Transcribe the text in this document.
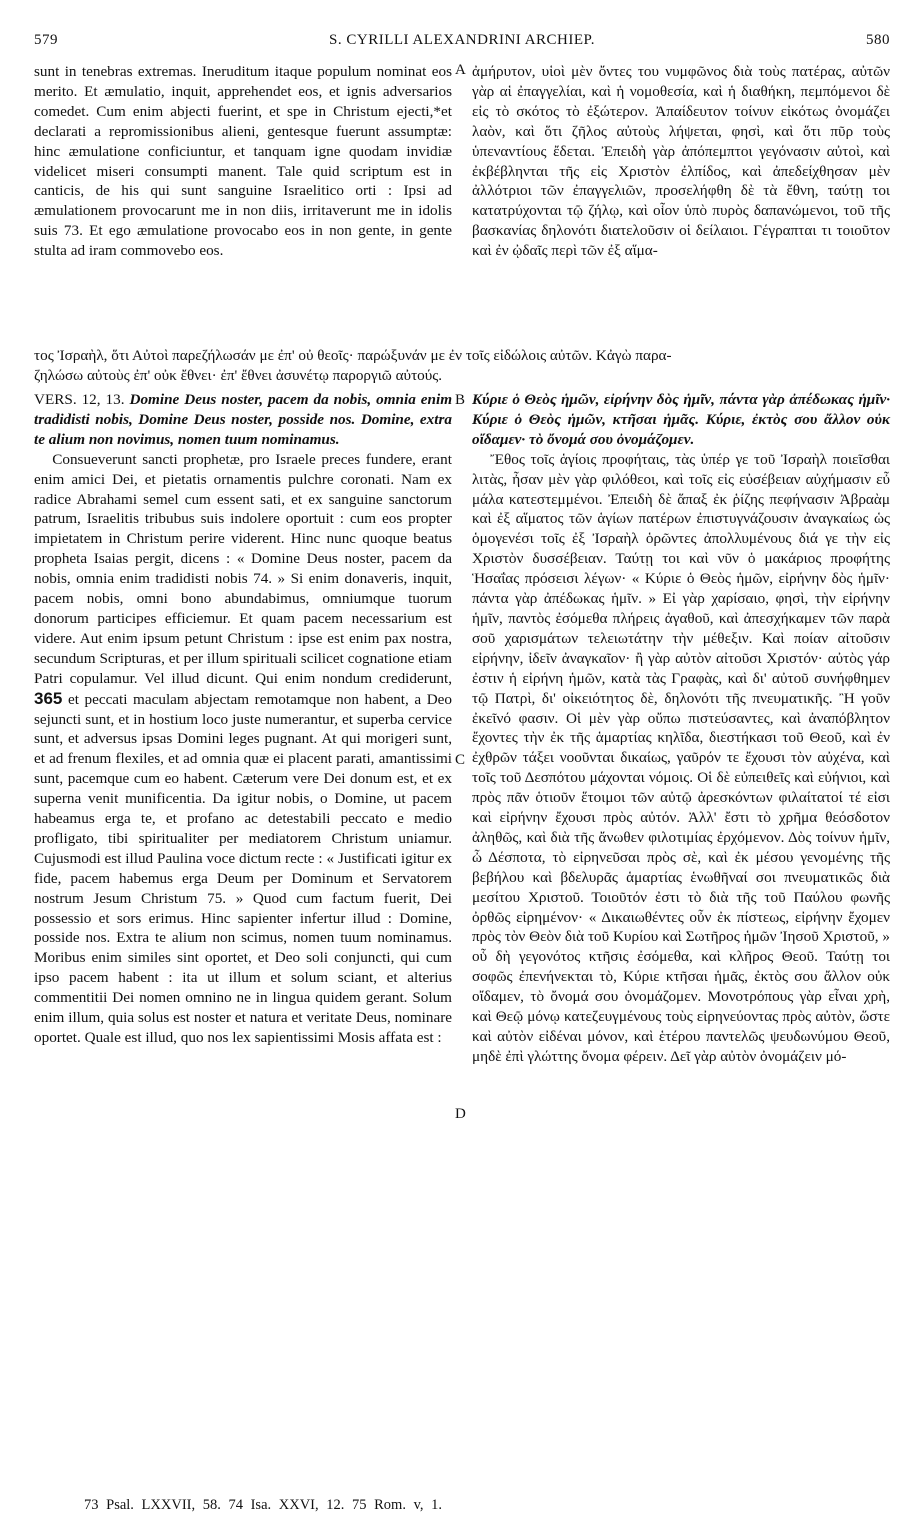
579	S. CYRILLI ALEXANDRINI ARCHIEP.	580

sunt in tenebras extremas. Ineruditum itaque populum nominat eos merito. Et æmulatio, inquit, apprehendet eos, et ignis adversarios comedet. Cum enim abjecti fuerint, et spe in Christum ejecti,*et declarati a repromissionibus alieni, gentesque fuerunt assumptæ: hinc æmulatione conficiuntur, et tanquam igne quodam invidiæ videlicet miseri consumpti manent. Tale quid scriptum est in canticis, de his qui sunt sanguine Israelitico orti : Ipsi ad æmulationem provocarunt me in non diis, irritaverunt me in idolis suis 73. Et ego æmulatione provocabo eos in non gente, in gente stulta ad iram commovebo eos.

ἀμήρυτον, υἱοὶ μὲν ὄντες του νυμφῶνος διὰ τοὺς πατέρας, αὐτῶν γὰρ αἱ ἐπαγγελίαι, καὶ ἡ νομοθεσία, καὶ ἡ διαθήκη, πεμπόμενοι δὲ εἰς τὸ σκότος τὸ ἐξώτερον. Ἀπαίδευτον τοίνυν εἰκότως ὀνομάζει λαὸν, καὶ ὅτι ζῆλος αὐτοὺς λήψεται, φησὶ, καὶ ὅτι πῦρ τοὺς ὑπεναντίους ἔδεται. Ἐπειδὴ γὰρ ἀπόπεμπτοι γεγόνασιν αὐτοὶ, καὶ ἐκβέβληνται τῆς εἰς Χριστὸν ἐλπίδος, καὶ ἀπεδείχθησαν μὲν ἀλλότριοι τῶν ἐπαγγελιῶν, προσελήφθη δὲ τὰ ἔθνη, ταύτῃ τοι κατατρύχονται τῷ ζήλῳ, καὶ οἷον ὑπὸ πυρὸς δαπανώμενοι, τοῦ τῆς βασκανίας δηλονότι διατελοῦσιν οἱ δείλαιοι. Γέγραπται τι τοιοῦτον καὶ ἐν ᾠδαῖς περὶ τῶν ἐξ αἵμα-

A
τος Ἰσραὴλ, ὅτι Αὐτοὶ παρεζήλωσάν με ἐπ' οὐ θεοῖς· παρώξυνάν με ἐν τοῖς εἰδώλοις αὐτῶν. Κἀγὼ παρα-
ζηλώσω αὐτοὺς ἐπ' οὐκ ἔθνει· ἐπ' ἔθνει ἀσυνέτῳ παροργιῶ αὐτούς.
B
C
D

VERS. 12, 13. Domine Deus noster, pacem da nobis, omnia enim tradidisti nobis, Domine Deus noster, posside nos. Domine, extra te alium non novimus, nomen tuum nominamus.

Consueverunt sancti prophetæ, pro Israele preces fundere, erant enim amici Dei, et pietatis ornamentis pulchre coronati. Nam ex radice Abrahami semel cum essent sati, et ex sanguine sanctorum patrum, Israelitis tribubus suis indolere oportuit : cum eos propter impietatem in Christum perire viderent. Hinc nunc quoque beatus propheta Isaias pergit, dicens : « Domine Deus noster, pacem da nobis, omnia enim tradidisti nobis 74. » Si enim donaveris, inquit, pacem nobis, omni bono abundabimus, omniumque tuorum donorum participes efficiemur. Et quam pacem necessarium est videre. Aut enim ipsum petunt Christum : ipse est enim pax nostra, secundum Scripturas, et per illum spirituali scilicet cognatione etiam Patri copulamur. Vel illud dicunt. Qui enim nondum crediderunt, 365 et peccati maculam abjectam remotamque non habent, a Deo sejuncti sunt, et in hostium loco juste numerantur, et superba cervice sunt, et adversus ipsas Domini leges pugnant. At qui morigeri sunt, et ad frenum flexiles, et ad omnia quæ ei placent parati, amantissimi sunt, pacemque cum eo habent. Cæterum vere Dei donum est, et ex superna venit munificentia. Da igitur nobis, o Domine, ut pacem habeamus erga te, et profano ac detestabili peccato e medio profligato, tibi spiritualiter per mediatorem Christum uniamur. Cujusmodi est illud Paulina voce dictum recte : « Justificati igitur ex fide, pacem habemus erga Deum per Dominum et Servatorem nostrum Jesum Christum 75. » Quod cum factum fuerit, Dei possessio et sors erimus. Hinc sapienter infertur illud : Domine, posside nos. Extra te alium non scimus, nomen tuum nominamus. Moribus enim similes sint oportet, et Deo soli conjuncti, qui cum ipso pacem habent : ita ut illum et solum sciant, et alterius commentitii Dei nomen omnino ne in lingua quidem gerant. Solum enim illum, quia solus est noster et natura et veritate Deus, nominare oportet. Quale est illud, quo nos lex sapientissimi Mosis affata est :

Κύριε ὁ Θεὸς ἡμῶν, εἰρήνην δὸς ἡμῖν, πάντα γὰρ ἀπέδωκας ἡμῖν· Κύριε ὁ Θεὸς ἡμῶν, κτῆσαι ἡμᾶς. Κύριε, ἐκτὸς σου ἄλλον οὐκ οἴδαμεν· τὸ ὄνομά σου ὀνομάζομεν.

Ἔθος τοῖς ἁγίοις προφήταις, τὰς ὑπέρ γε τοῦ Ἰσραὴλ ποιεῖσθαι λιτὰς, ἦσαν μὲν γὰρ φιλόθεοι, καὶ τοῖς εἰς εὐσέβειαν αὐχήμασιν εὖ μάλα κατεστεμμένοι. Ἐπειδὴ δὲ ἅπαξ ἐκ ῥίζης πεφήνασιν Ἀβραὰμ καὶ ἐξ αἵματος τῶν ἁγίων πατέρων ἐπιστυγνάζουσιν ἀναγκαίως ὡς ὁμογενέσι τοῖς ἐξ Ἰσραὴλ ὁρῶντες ἀπολλυμένους διά γε τὴν εἰς Χριστὸν δυσσέβειαν. Ταύτῃ τοι καὶ νῦν ὁ μακάριος προφήτης Ἡσαΐας πρόσεισι λέγων· « Κύριε ὁ Θεὸς ἡμῶν, εἰρήνην δὸς ἡμῖν· πάντα γὰρ ἀπέδωκας ἡμῖν. » Εἰ γὰρ χαρίσαιο, φησὶ, τὴν εἰρήνην ἡμῖν, παντὸς ἐσόμεθα πλήρεις ἀγαθοῦ, καὶ ἀπεσχήκαμεν τῶν παρὰ σοῦ χαρισμάτων τελειωτάτην τὴν μέθεξιν. Καὶ ποίαν αἰτοῦσιν εἰρήνην, ἰδεῖν ἀναγκαῖον· ἢ γὰρ αὐτὸν αἰτοῦσι Χριστόν· αὐτὸς γάρ ἐστιν ἡ εἰρήνη ἡμῶν, κατὰ τὰς Γραφὰς, καὶ δι' αὐτοῦ συνήφθημεν τῷ Πατρὶ, δι' οἰκειότητος δὲ, δηλονότι τῆς πνευματικῆς. Ἢ γοῦν ἐκεῖνό φασιν. Οἱ μὲν γὰρ οὔπω πιστεύσαντες, καὶ ἀναπόβλητον ἔχοντες τὴν ἐκ τῆς ἁμαρτίας κηλῖδα, διεστήκασι τοῦ Θεοῦ, καὶ ἐν ἐχθρῶν τάξει νοοῦνται δικαίως, γαῦρόν τε ἔχουσι τὸν αὐχένα, καὶ τοῖς τοῦ Δεσπότου μάχονται νόμοις. Οἱ δὲ εὐπειθεῖς καὶ εὐήνιοι, καὶ πρὸς πᾶν ὁτιοῦν ἕτοιμοι τῶν αὐτῷ ἀρεσκόντων φιλαίτατοί τέ εἰσι καὶ εἰρήνην ἔχουσι πρὸς αὐτόν. Ἀλλ' ἔστι τὸ χρῆμα θεόσδοτον ἀληθῶς, καὶ διὰ τῆς ἄνωθεν φιλοτιμίας ἐρχόμενον. Δὸς τοίνυν ἡμῖν, ὦ Δέσποτα, τὸ εἰρηνεῦσαι πρὸς σὲ, καὶ ἐκ μέσου γενομένης τῆς βεβήλου καὶ βδελυρᾶς ἁμαρτίας ἑνωθῆναί σοι πνευματικῶς διὰ μεσίτου Χριστοῦ. Τοιοῦτόν ἐστι τὸ διὰ τῆς τοῦ Παύλου φωνῆς ὀρθῶς εἰρημένον· « Δικαιωθέντες οὖν ἐκ πίστεως, εἰρήνην ἔχομεν πρὸς τὸν Θεὸν διὰ τοῦ Κυρίου καὶ Σωτῆρος ἡμῶν Ἰησοῦ Χριστοῦ, » οὗ δὴ γεγονότος κτῆσις ἐσόμεθα, καὶ κλῆρος Θεοῦ. Ταύτῃ τοι σοφῶς ἐπενήνεκται τὸ, Κύριε κτῆσαι ἡμᾶς, ἐκτὸς σου ἄλλον οὐκ οἴδαμεν, τὸ ὄνομά σου ὀνομάζομεν. Μονοτρόπους γὰρ εἶναι χρὴ, καὶ Θεῷ μόνῳ κατεζευγμένους τοὺς εἰρηνεύοντας πρὸς αὐτὸν, ὥστε καὶ αὐτὸν εἰδέναι μόνον, καὶ ἑτέρου παντελῶς ψευδωνύμου Θεοῦ, μηδὲ ἐπὶ γλώττης ὄνομα φέρειν. Δεῖ γὰρ αὐτὸν ὀνομάζειν μό-

73 Psal. LXXVII, 58. 74 Isa. XXVI, 12. 75 Rom. v, 1.
